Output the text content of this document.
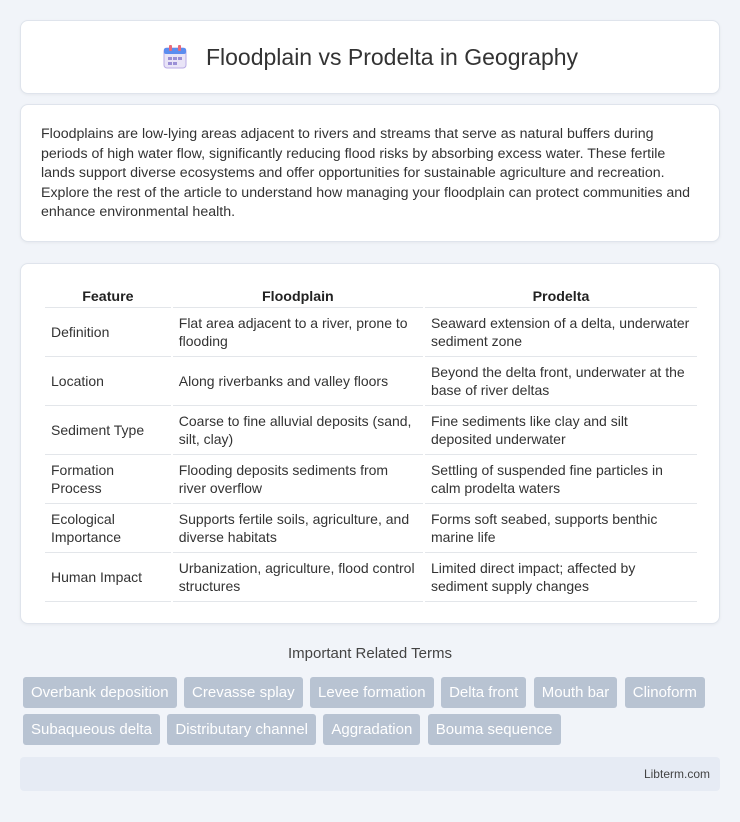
Floodplain vs Prodelta in Geography

Floodplains are low-lying areas adjacent to rivers and streams that serve as natural buffers during periods of high water flow, significantly reducing flood risks by absorbing excess water. These fertile lands support diverse ecosystems and offer opportunities for sustainable agriculture and recreation. Explore the rest of the article to understand how managing your floodplain can protect communities and enhance environmental health.

Feature	Floodplain	Prodelta
Definition	Flat area adjacent to a river, prone to flooding	Seaward extension of a delta, underwater sediment zone
Location	Along riverbanks and valley floors	Beyond the delta front, underwater at the base of river deltas
Sediment Type	Coarse to fine alluvial deposits (sand, silt, clay)	Fine sediments like clay and silt deposited underwater
Formation Process	Flooding deposits sediments from river overflow	Settling of suspended fine particles in calm prodelta waters
Ecological Importance	Supports fertile soils, agriculture, and diverse habitats	Forms soft seabed, supports benthic marine life
Human Impact	Urbanization, agriculture, flood control structures	Limited direct impact; affected by sediment supply changes
Important Related Terms
Overbank deposition Crevasse splay Levee formation Delta front Mouth bar Clinoform Subaqueous delta Distributary channel Aggradation Bouma sequence
Libterm.com
